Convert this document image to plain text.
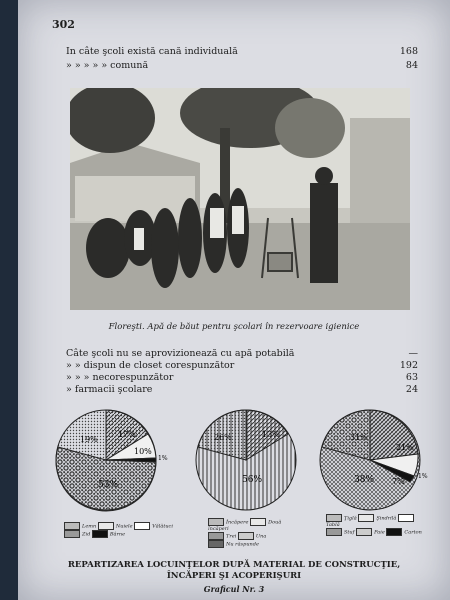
302
In câte şcoli există cană individuală	168
» » » » » comună	84
Floreşti. Apă de băut pentru şcolari în rezervoare igienice
Câte şcoli nu se aprovizionează cu apă potabilă	—
» » dispun de closet corespunzător	192
» » » necorespunzător	63
» farmacii şcolare	24
19%
17%
10%
1%
53%
26%	13%
56%
31%
21%
7%
38%	1%
Lemn	Nuiele	Vălătuci
Zid	Bârne
Încăpere	Două încăperi
Trei	Una
Nu răspunde
Ţiglă	Şindrilă Tablă
Stuf	Paie	Carton
REPARTIZAREA LOCUINŢELOR DUPĂ MATERIAL DE CONSTRUCŢIE,
ÎNCĂPERI ŞI ACOPERIŞURI
Graficul Nr. 3
